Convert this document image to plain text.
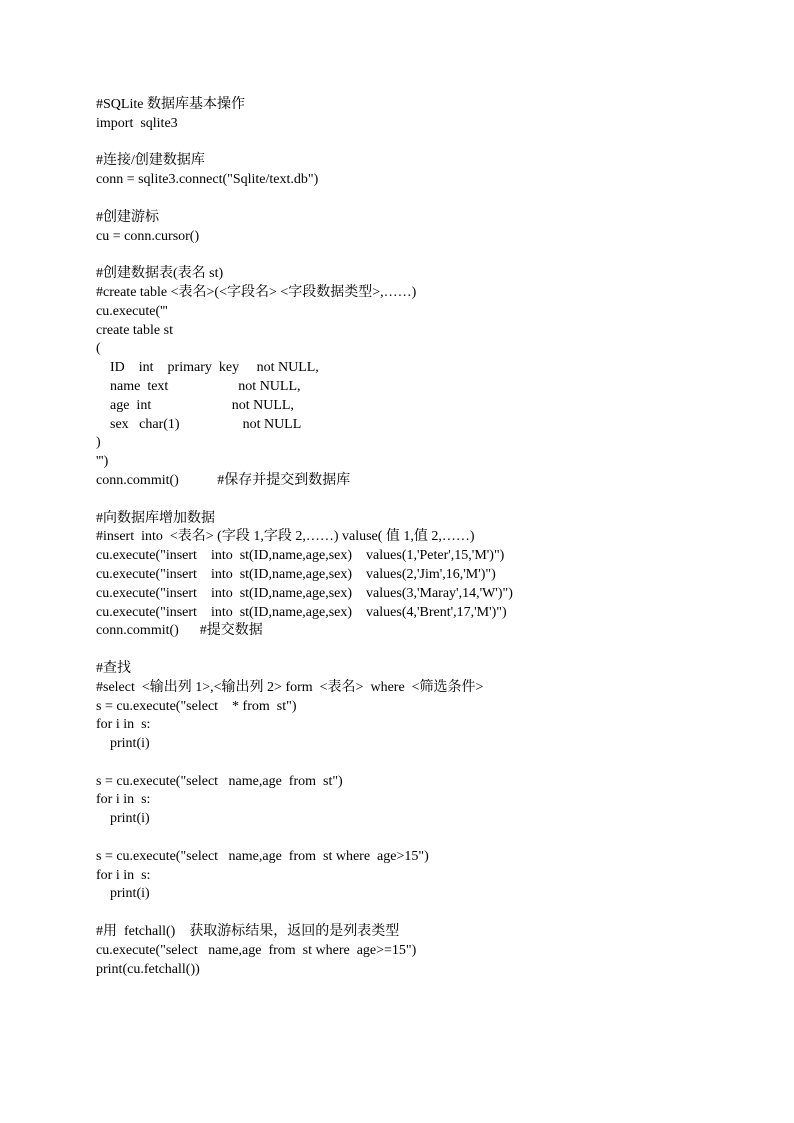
#SQLite 数据库基本操作
import  sqlite3
#连接/创建数据库
conn = sqlite3.connect("Sqlite/text.db")
#创建游标
cu = conn.cursor()
#创建数据表(表名 st)
#create table <表名>(<字段名> <字段数据类型>,……)
cu.execute('''
create table st
(
ID    int    primary  key     not NULL,
name  text                    not NULL,
age  int                       not NULL,
sex   char(1)                  not NULL
)
''')
conn.commit()           #保存并提交到数据库
#向数据库增加数据
#insert  into  <表名> (字段 1,字段 2,……) valuse( 值 1,值 2,……)
cu.execute("insert    into  st(ID,name,age,sex)    values(1,'Peter',15,'M')")
cu.execute("insert    into  st(ID,name,age,sex)    values(2,'Jim',16,'M')")
cu.execute("insert    into  st(ID,name,age,sex)    values(3,'Maray',14,'W')")
cu.execute("insert    into  st(ID,name,age,sex)    values(4,'Brent',17,'M')")
conn.commit()      #提交数据
#查找
#select  <输出列 1>,<输出列 2> form  <表名>  where  <筛选条件>
s = cu.execute("select    * from  st")
for i in  s:
print(i)
s = cu.execute("select   name,age  from  st")
for i in  s:
print(i)
s = cu.execute("select   name,age  from  st where  age>15")
for i in  s:
print(i)
#用  fetchall()    获取游标结果，返回的是列表类型
cu.execute("select   name,age  from  st where  age>=15")
print(cu.fetchall())
